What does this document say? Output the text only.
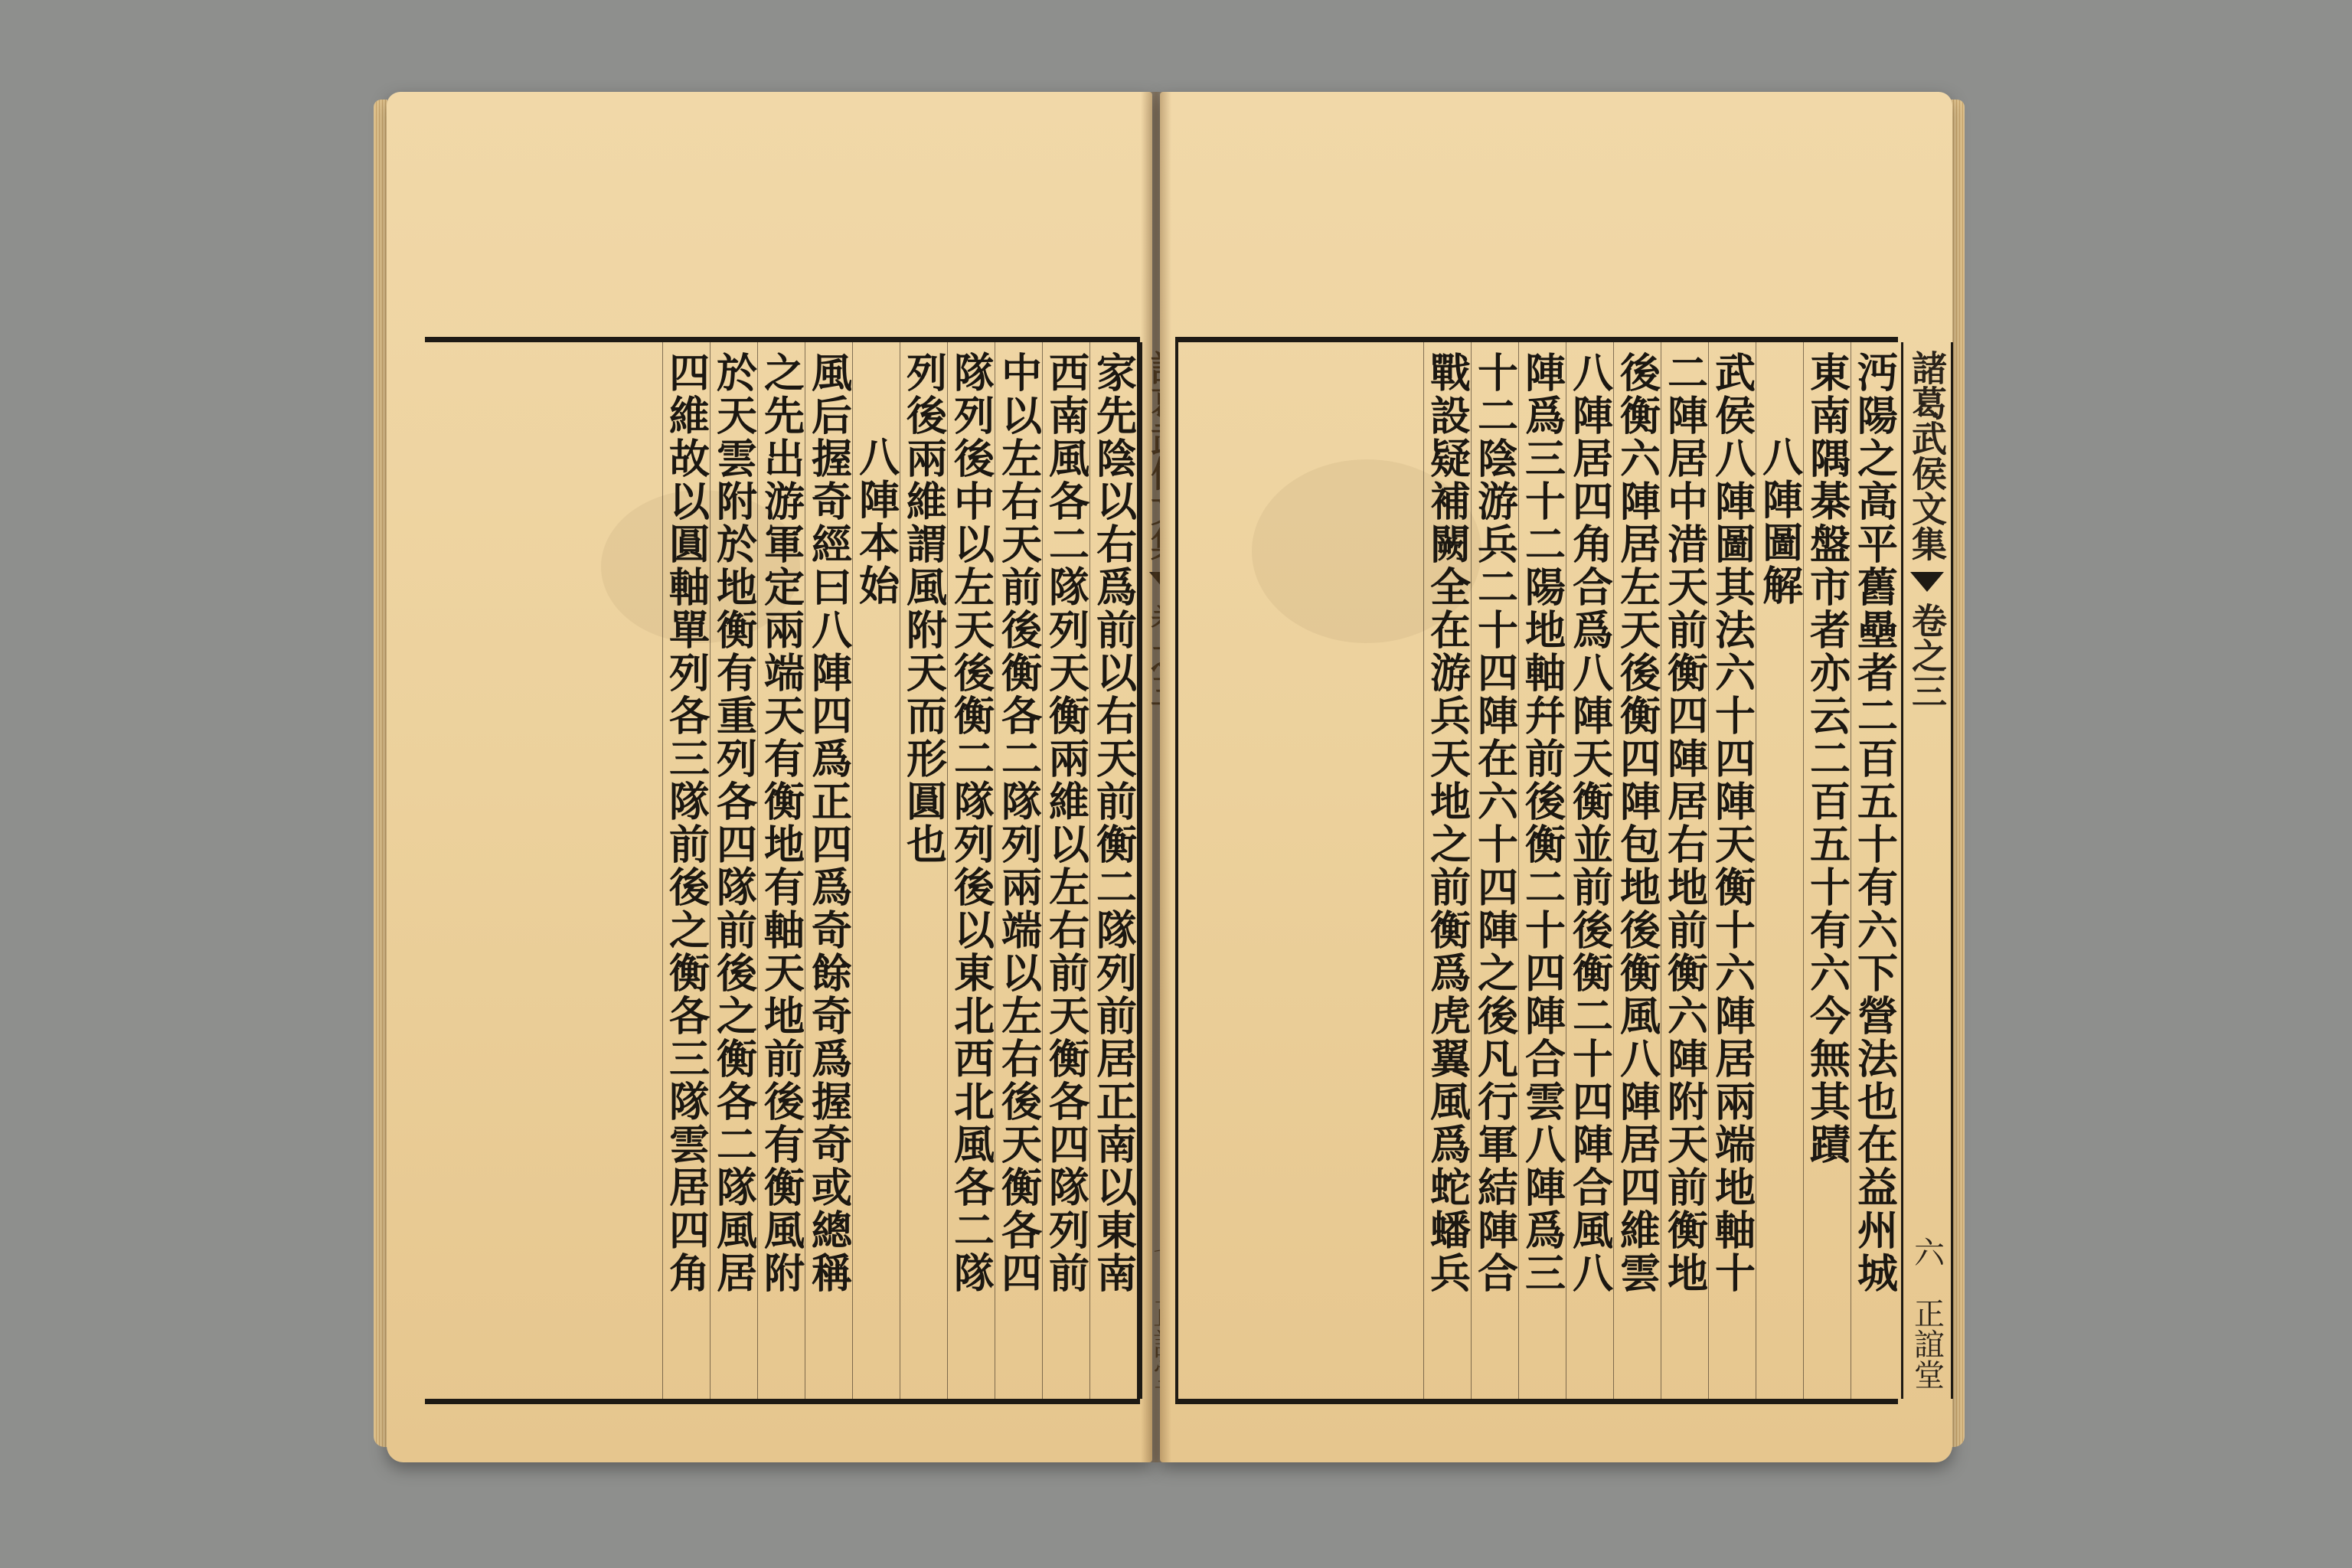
家先陰以右爲前以右天前衡二隊列前居正南以東南
西南風各二隊列天衡兩維以左右前天衡各四隊列前
中以左右天前後衡各二隊列兩端以左右後天衡各四
隊列後中以左天後衡二隊列後以東北西北風各二隊
列後兩維謂風附天而形圓也
八陣本始
風后握奇經曰八陣四爲正四爲奇餘奇爲握奇或總稱
之先出游軍定兩端天有衡地有軸天地前後有衡風附
於天雲附於地衡有重列各四隊前後之衡各二隊風居
四維故以圓軸單列各三隊前後之衡各三隊雲居四角	沔陽之高平舊壘者二百五十有六下營法也在益州城
東南隅棊盤市者亦云二百五十有六今無其蹟
八陣圖解
武侯八陣圖其法六十四陣天衡十六陣居兩端地軸十
二陣居中㳻天前衡四陣居右地前衡六陣附天前衡地
後衡六陣居左天後衡四陣包地後衡風八陣居四維雲
八陣居四角合爲八陣天衡並前後衡二十四陣合風八
陣爲三十二陽地軸幷前後衡二十四陣合雲八陣爲三
十二陰游兵二十四陣在六十四陣之後凡行軍結陣合
戰設疑補闕全在游兵天地之前衡爲虎翼風爲蛇蟠兵	諸葛武侯文集
卷之三
六
正誼堂
